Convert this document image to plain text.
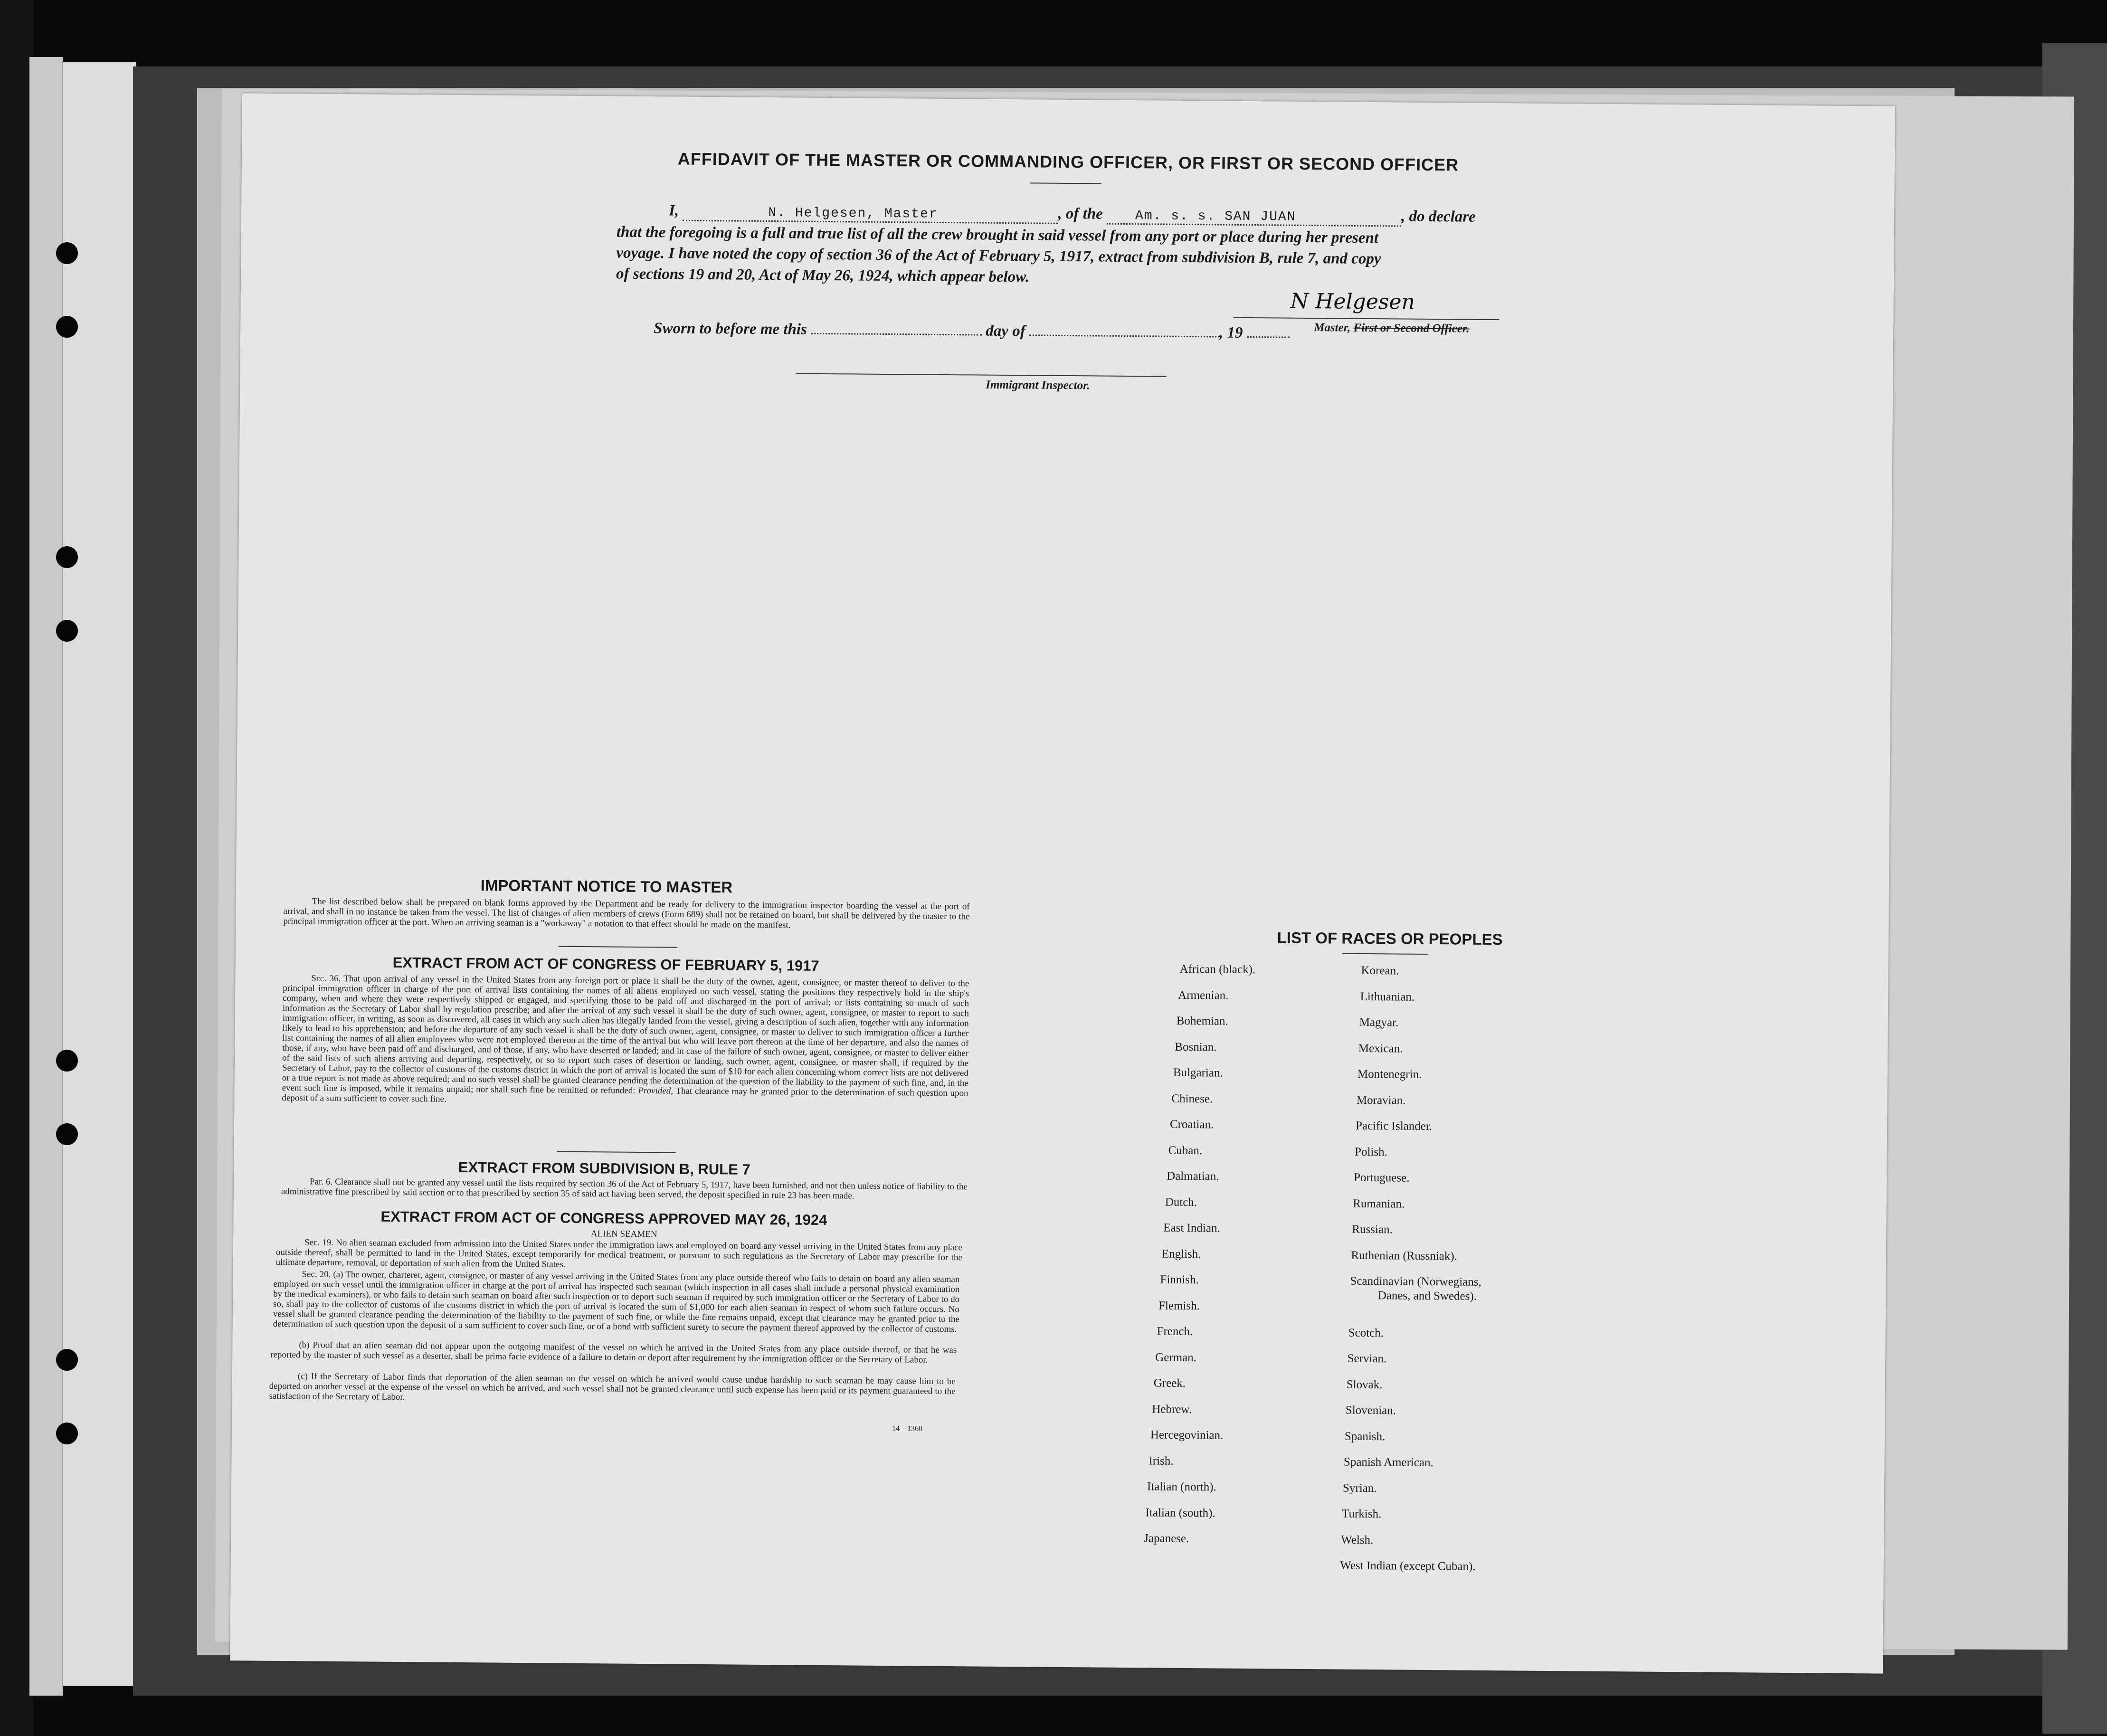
AFFIDAVIT OF THE MASTER OR COMMANDING OFFICER, OR FIRST OR SECOND OFFICER
I,	N. Helgesen, Master	, of the Am. s. s. SAN JUAN	, do declare
that the foregoing is a full and true list of all the crew brought in said vessel from any port or place during her present
voyage. I have noted the copy of section 36 of the Act of February 5, 1917, extract from subdivision B, rule 7, and copy
of sections 19 and 20, Act of May 26, 1924, which appear below.
Sworn to before me this	day of	, 19
N Helgesen
Master, First or Second Officer.
Immigrant Inspector.
IMPORTANT NOTICE TO MASTER
The list described below shall be prepared on blank forms approved by the Department and be ready for delivery to the immigration inspector boarding the vessel at the port of arrival, and shall in no instance be taken from the vessel. The list of changes of alien members of crews (Form 689) shall not be retained on board, but shall be delivered by the master to the principal immigration officer at the port. When an arriving seaman is a "workaway" a notation to that effect should be made on the manifest.
EXTRACT FROM ACT OF CONGRESS OF FEBRUARY 5, 1917
Sec. 36. That upon arrival of any vessel in the United States from any foreign port or place it shall be the duty of the owner, agent, consignee, or master thereof to deliver to the principal immigration officer in charge of the port of arrival lists containing the names of all aliens employed on such vessel, stating the positions they respectively hold in the ship's company, when and where they were respectively shipped or engaged, and specifying those to be paid off and discharged in the port of arrival; or lists containing so much of such information as the Secretary of Labor shall by regulation prescribe; and after the arrival of any such vessel it shall be the duty of such owner, agent, consignee, or master to report to such immigration officer, in writing, as soon as discovered, all cases in which any such alien has illegally landed from the vessel, giving a description of such alien, together with any information likely to lead to his apprehension; and before the departure of any such vessel it shall be the duty of such owner, agent, consignee, or master to deliver to such immigration officer a further list containing the names of all alien employees who were not employed thereon at the time of the arrival but who will leave port thereon at the time of her departure, and also the names of those, if any, who have been paid off and discharged, and of those, if any, who have deserted or landed; and in case of the failure of such owner, agent, consignee, or master to deliver either of the said lists of such aliens arriving and departing, respectively, or so to report such cases of desertion or landing, such owner, agent, consignee, or master shall, if required by the Secretary of Labor, pay to the collector of customs of the customs district in which the port of arrival is located the sum of $10 for each alien concerning whom correct lists are not delivered or a true report is not made as above required; and no such vessel shall be granted clearance pending the determination of the question of the liability to the payment of such fine, and, in the event such fine is imposed, while it remains unpaid; nor shall such fine be remitted or refunded: Provided, That clearance may be granted prior to the determination of such question upon deposit of a sum sufficient to cover such fine.
EXTRACT FROM SUBDIVISION B, RULE 7
Par. 6. Clearance shall not be granted any vessel until the lists required by section 36 of the Act of February 5, 1917, have been furnished, and not then unless notice of liability to the administrative fine prescribed by said section or to that prescribed by section 35 of said act having been served, the deposit specified in rule 23 has been made.
EXTRACT FROM ACT OF CONGRESS APPROVED MAY 26, 1924
ALIEN SEAMEN
Sec. 19. No alien seaman excluded from admission into the United States under the immigration laws and employed on board any vessel arriving in the United States from any place outside thereof, shall be permitted to land in the United States, except temporarily for medical treatment, or pursuant to such regulations as the Secretary of Labor may prescribe for the ultimate departure, removal, or deportation of such alien from the United States.
Sec. 20. (a) The owner, charterer, agent, consignee, or master of any vessel arriving in the United States from any place outside thereof who fails to detain on board any alien seaman employed on such vessel until the immigration officer in charge at the port of arrival has inspected such seaman (which inspection in all cases shall include a personal physical examination by the medical examiners), or who fails to detain such seaman on board after such inspection or to deport such seaman if required by such immigration officer or the Secretary of Labor to do so, shall pay to the collector of customs of the customs district in which the port of arrival is located the sum of $1,000 for each alien seaman in respect of whom such failure occurs. No vessel shall be granted clearance pending the determination of the liability to the payment of such fine, or while the fine remains unpaid, except that clearance may be granted prior to the determination of such question upon the deposit of a sum sufficient to cover such fine, or of a bond with sufficient surety to secure the payment thereof approved by the collector of customs.
(b) Proof that an alien seaman did not appear upon the outgoing manifest of the vessel on which he arrived in the United States from any place outside thereof, or that he was reported by the master of such vessel as a deserter, shall be prima facie evidence of a failure to detain or deport after requirement by the immigration officer or the Secretary of Labor.
(c) If the Secretary of Labor finds that deportation of the alien seaman on the vessel on which he arrived would cause undue hardship to such seaman he may cause him to be deported on another vessel at the expense of the vessel on which he arrived, and such vessel shall not be granted clearance until such expense has been paid or its payment guaranteed to the satisfaction of the Secretary of Labor.
14—1360
LIST OF RACES OR PEOPLES
African (black).
Armenian.
Bohemian.
Bosnian.
Bulgarian.
Chinese.
Croatian.
Cuban.
Dalmatian.
Dutch.
East Indian.
English.
Finnish.
Flemish.
French.
German.
Greek.
Hebrew.
Hercegovinian.
Irish.
Italian (north).
Italian (south).
Japanese.
Korean.
Lithuanian.
Magyar.
Mexican.
Montenegrin.
Moravian.
Pacific Islander.
Polish.
Portuguese.
Rumanian.
Russian.
Ruthenian (Russniak).
Scandinavian (Norwegians,
Danes, and Swedes).
Scotch.
Servian.
Slovak.
Slovenian.
Spanish.
Spanish American.
Syrian.
Turkish.
Welsh.
West Indian (except Cuban).
